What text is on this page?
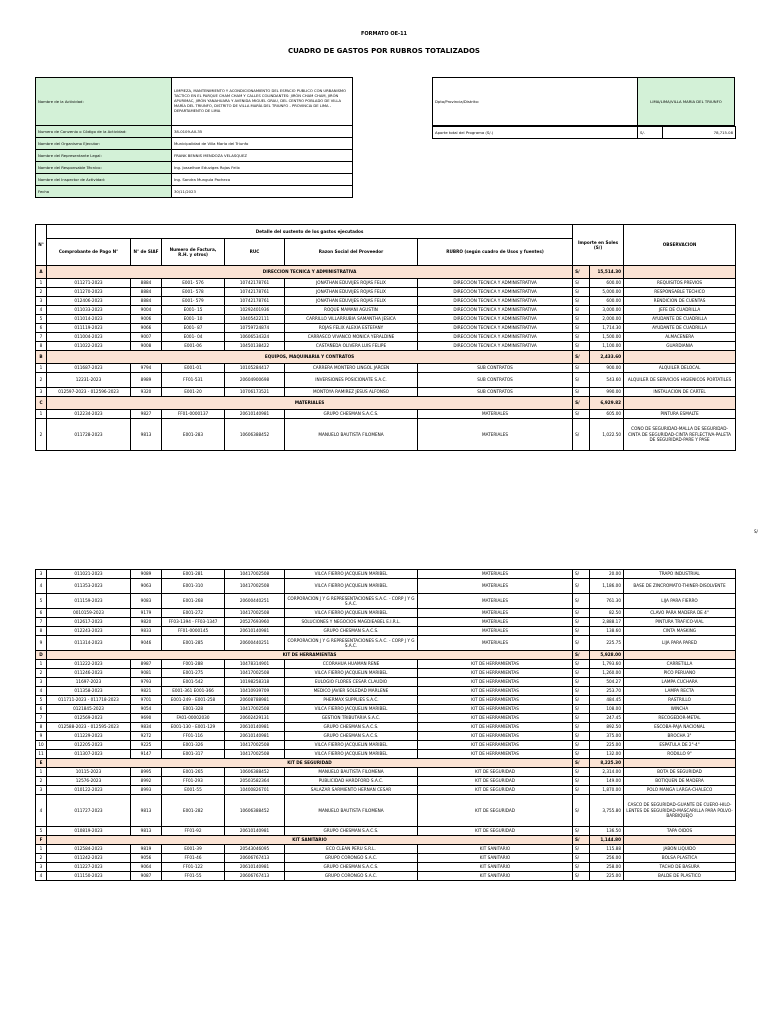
FORMATO OE-11
CUADRO DE GASTOS POR RUBROS TOTALIZADOS
Nombre de la Actividad:	LIMPIEZA, MANTENIMIENTO Y ACONDICIONAMIENTO DEL ESPACIO PUBLICO CON URBANISMO TACTICO EN EL PARQUE CHAM CHAM Y CALLES COLINDANTES: JIRÓN CHAM CHAM, JIRÓN APURIMAC, JIRÓN YANAHUARA Y AVENIDA MIGUEL GRAU, DEL CENTRO POBLADO DE VILLA MARÍA DEL TRIUNFO, DISTRITO DE VILLA MARÍA DEL TRIUNFO - PROVINCIA DE LIMA - DEPARTAMENTO DE LIMA
Numero de Convenio o Código de la Actividad:	38-0109-AII-35
Nombre del Organismo Ejecutor:	Municipalidad de Villa María del Triunfo
Nombre del Representante Legal:	FRANK BENNIS MENDOZA VELASQUEZ
Nombre del Responsable Técnico:	Ing. Josselhoe Eduviges Rojas Felix
Nombre del Inspector de Actividad:	Ing. Sandra Munguía Pacheco
Fecha	30/11/2023
Dpto/Provincia/Distrito:	LIMA/LIMA/VILLA MARIA DEL TRIUNFO
Aporte total del Programa (S/.)	S/.	78,715.08
N°	Detalle del sustento de los gastos ejecutados						Importe en Soles (S/)		OBSERVACION
	Comprobante de Pago N°	N° de SIAF	Numero de Factura, R.H. y otros)	RUC	Razon Social del Proveedor	RUBRO (según cuadro de Usos y fuentes)			
A	DIRECCION TECNICA Y ADMINISTRATIVA						S/	15,514.30	
1	011271-2023	8884	E001- 576	10742178761	JONATHAN EDUVIJES ROJAS FELIX	DIRECCION TECNICA Y ADMINISTRATIVA	S/	600.00	REQUISITOS PREVIOS
2	011270-2023	8884	E001- 578	10742178761	JONATHAN EDUVIJES ROJAS FELIX	DIRECCION TECNICA Y ADMINISTRATIVA	S/	5,000.00	RESPONSABLE TECHICO
3	012406-2023	8884	E001- 579	10742178761	JONATHAN EDUVIJES ROJAS FELIX	DIRECCION TECNICA Y ADMINISTRATIVA	S/	600.00	RENDICION DE CUENTAS
4	011033-2023	9004	E001- 15	10292401936	ROQUE MAMANI AGUSTIN	DIRECCION TECNICA Y ADMINISTRATIVA	S/	3,000.00	JEFE DE CUADRILLA
5	011014-2023	9006	E001- 10	10405422111	CARRILLO VILLARRUBIA SAMANTHA JESICA	DIRECCION TECNICA Y ADMINISTRATIVA	S/	2,000.00	AYUDANTE DE CUADRILLA
6	011119-2023	9066	E001- 87	10759724874	ROJAS FELIX ALEXIA ESTEFANY	DIRECCION TECNICA Y ADMINISTRATIVA	S/	1,714.30	AYUDANTE DE CUADRILLA
7	011004-2023	9007	E001- 04	10606534324	CARRASCO VIVANCO MONICA YERALDINE	DIRECCION TECNICA Y ADMINISTRATIVA	S/	1,500.00	ALMACENERA
8	011022-2023	9008	E001-06	10450138422	CASTAÑEDA OLIVERA LUIS FELIPE	DIRECCION TECNICA Y ADMINISTRATIVA	S/	1,100.00	GUARDIANIA
B	EQUIPOS, MAQUINARIA Y CONTRATOS						S/	2,433.60	
1	011687-2023	9794	E001-01	10105284417	CARRERA MONTERO LINGOL JARCEN	SUB CONTRATOS	S/	900.00	ALQUILER DELOCAL
2	12231-2023	8989	FF01-531	20604900698	INVERSIONES POSICIONATE S.A.C.	SUB CONTRATOS	S/	543.60	ALQUILER DE SERVICIOS HIGIENICOS PORTATILES
3	012597-2023 - 012596-2023	9320	E001-20	10706173521	MONTOYA RAMIREZ JESUS ALFONSO	SUB CONTRATOS	S/	990.00	INSTALACION DE CARTEL
C	MATERIALES						S/	6,929.82	
1	012234-2023	9827	FF01-0000137	20610140981	GRUPO CHESMAN S.A.C.S.	MATERIALES	S/	605.00	PINTURA ESMALTE
2	011728-2023	9813	E001-283	10606388452	MANUELO BAUTISTA FILOMENA	MATERIALES	S/	1,022.50	CONO DE SEGURIDAD-MALLA DE SEGURIDAD-CINTA DE SEGURIDAD-CINTA REFLECTIVA-PALETA DE SEGURIDAD-PARE Y PASE
S/
3	011021-2023	9089	E001-281	10417002508	VILCA FIERRO JACQUELIN MARIBEL	MATERIALES	S/	20.00	TRAPO INDUSTRIAL
4	011353-2023	9063	E001-310	10417002508	VILCA FIERRO JACQUELIN MARIBEL	MATERIALES	S/	1,186.00	BASE DE ZINCROMATO-THINER-DISOLVENTE
5	011159-2023	9083	E001-268	20600440251	CORPORACION J Y G REPRESENTACIONES S.A.C. - CORP J Y G S.A.C.	MATERIALES	S/	761.30	LIJA PARA FIERRO
6	0010159-2023	9179	E001-272	10417002508	VILCA FIERRO JACQUELIN MARIBEL	MATERIALES	S/	82.50	CLAVO PARA MADERA DE 4"
7	012617-2023	9820	FF03-1394 - FF03-1347	20527693960	SOLUCIONES Y NEGOCIOS MAGDIEABEL E.I.R.L.	MATERIALES	S/	2,888.17	PINTURA TRAFICO-VIAL
8	012243-2023	9833	FF01-0000145	20610140981	GRUPO CHESMAN S.A.C.S.	MATERIALES	S/	138.60	CINTA MASKING
9	011314-2023	9046	E001-285	20600440251	CORPORACION J Y G REPRESENTACIONES S.A.C. - CORP J Y G S.A.C.	MATERIALES	S/	225.75	LIJA PARA PARED
D	KIT DE HERRAMIENTAS						S/	5,928.00	
1	011222-2023	8987	F001-288	10478314901	CCORAHUA HUAMAN RENE	KIT DE HERRAMIENTAS	S/	1,793.60	CARRETILLA
2	011246-2023	9081	E001-275	10417002508	VILCA FIERRO JACQUELIN MARIBEL	KIT DE HERRAMIENTAS	S/	1,260.00	PICO PERUANO
3	11697-2023	9793	E001-542	10198258318	EULOGIO FLORES CESAR CLAUDIO	KIT DE HERRAMIENTAS	S/	504.27	LAMPA CUCHARA
4	011358-2023	9821	E001-361 E001-366	10410939709	MEDICO JAVIER SOLEDAD MARLENE	KIT DE HERRAMIENTAS	S/	253.70	LAMPA RECTA
5	011711-2023 - 011718-2023	9701	E001-249 - E001-258	20608788981	PHERMAX SUPPLIES S.A.C.	KIT DE HERRAMIENTAS	S/	484.45	RASTRILLO
6	0121845-2023	9054	E001-328	10417002508	VILCA FIERRO JACQUELIN MARIBEL	KIT DE HERRAMIENTAS	S/	108.00	WINCHA
7	012569-2023	9690	FA01-00002030	20602429131	GESTION TRIBUTARIA S.A.C.	KIT DE HERRAMIENTAS	S/	247.45	RECOGEDOR-METAL
8	012588-2023 - 012595-2023	9834	E001-130 - E001-129	20610140981	GRUPO CHESMAN S.A.C.S.	KIT DE HERRAMIENTAS	S/	892.50	ESCOBA-PAJA NACIONAL
9	011229-2023	9272	FF01-116	20610140981	GRUPO CHESMAN S.A.C.S.	KIT DE HERRAMIENTAS	S/	375.00	BROCHA 3"
10	012205-2023	9225	E001-326	10417002508	VILCA FIERRO JACQUELIN MARIBEL	KIT DE HERRAMIENTAS	S/	225.00	ESPATULA DE 2"-4"
11	011307-2023	9147	E001-317	10417002508	VILCA FIERRO JACQUELIN MARIBEL	KIT DE HERRAMIENTAS	S/	132.00	RODILLO 9"
E	KIT DE SEGURIDAD						S/	8,225.30	
1	10115-2023	8995	E001-265	10606388452	MANUELO BAUTISTA FILOMENA	KIT DE SEGURIDAD	S/	2,314.00	BOTA DE SEGURIDAD
2	12576-2023	8992	FF01-293	20503582364	PUBLICIDAD HARDFORD S.A.C.	KIT DE SEGURIDAD	S/	149.00	BOTIQUEN DE MADERA
3	010122-2023	8993	E001-55	10400826701	SALAZAR SARMIENTO HERNAN CESAR	KIT DE SEGURIDAD	S/	1,870.00	POLO MANGA LARGA-CHALECO
4	011727-2023	9813	E001-282	10606388452	MANUELO BAUTISTA FILOMENA	KIT DE SEGURIDAD	S/	3,755.80	CASCO DE SEGURIDAD-GUANTE DE CUERO-HILO-LENTES DE SEGURIDAD-MASCARILLA PARA POLVO-BARBIQUEJO
5	010819-2023	9813	FF01-92	20610140981	GRUPO CHESMAN S.A.C.S.	KIT DE SEGURIDAD	S/	136.50	TAPA OIDOS
F	KIT SANITARIO						S/	1,144.80	
1	012584-2023	9819	E001-39	20543046095	ECO CLEAN PERU S.R.L.	KIT SANITARIO	S/	115.88	JABON LIQUIDO
2	011242-2023	9056	FF01-46	20606767413	GRUPO CORONGO S.A.C.	KIT SANITARIO	S/	256.00	BOLSA PLASTICA
3	011227-2023	9064	FF01-122	20610140981	GRUPO CHESMAN S.A.C.S.	KIT SANITARIO	S/	258.00	TACHO DE BASURA
4	011150-2023	9087	FF01-55	20606767413	GRUPO CORONGO S.A.C.	KIT SANITARIO	S/	225.00	BALDE DE PLASTICO
